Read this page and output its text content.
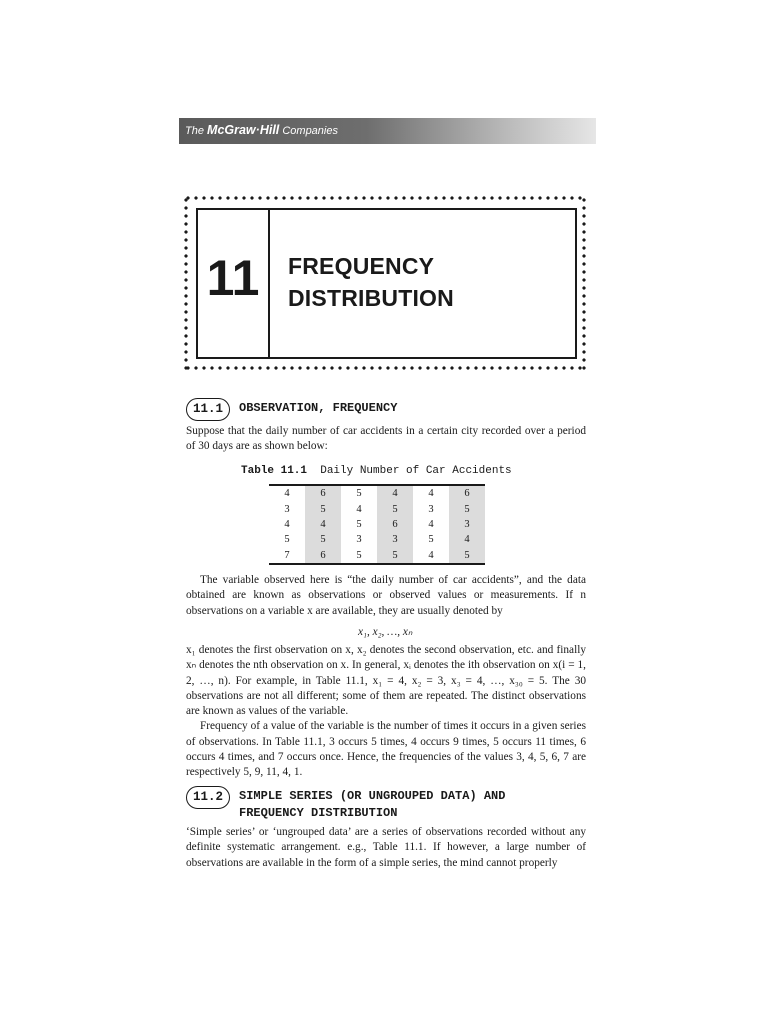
The McGraw·Hill Companies
11	FREQUENCY
DISTRIBUTION
11.1	OBSERVATION, FREQUENCY

Suppose that the daily number of car accidents in a certain city recorded over a period of 30 days are as shown below:

Table 11.1 Daily Number of Car Accidents
4	6	5	4	4	6
3	5	4	5	3	5
4	4	5	6	4	3
5	5	3	3	5	4
7	6	5	5	4	5

The variable observed here is “the daily number of car accidents”, and the data obtained are known as observations or observed values or measurements. If n observations on a variable x are available, they are usually denoted by

x₁, x₂, …, xₙ

x₁ denotes the first observation on x, x₂ denotes the second observation, etc. and finally xₙ denotes the nth observation on x. In general, xᵢ denotes the ith observation on x(i = 1, 2, …, n). For example, in Table 11.1, x₁ = 4, x₂ = 3, x₃ = 4, …, x₃₀ = 5. The 30 observations are not all different; some of them are repeated. The distinct observations are known as values of the variable.

Frequency of a value of the variable is the number of times it occurs in a given series of observations. In Table 11.1, 3 occurs 5 times, 4 occurs 9 times, 5 occurs 11 times, 6 occurs 4 times, and 7 occurs once. Hence, the frequencies of the values 3, 4, 5, 6, 7 are respectively 5, 9, 11, 4, 1.

11.2	SIMPLE SERIES (OR UNGROUPED DATA) AND
FREQUENCY DISTRIBUTION

‘Simple series’ or ‘ungrouped data’ are a series of observations recorded without any definite systematic arrangement. e.g., Table 11.1. If however, a large number of observations are available in the form of a simple series, the mind cannot properly
